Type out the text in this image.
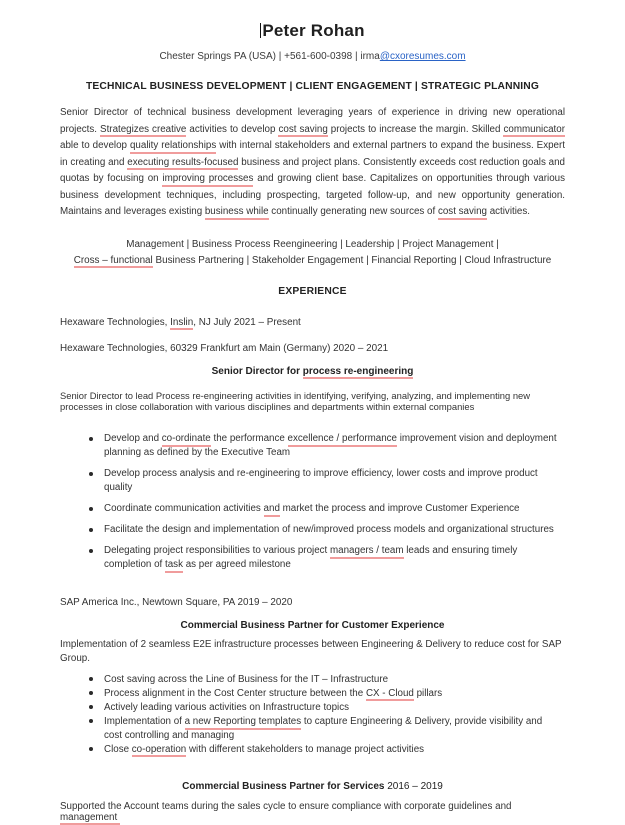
Peter Rohan

Chester Springs PA (USA) | +561-600-0398 | irma@cxoresumes.com

TECHNICAL BUSINESS DEVELOPMENT | CLIENT ENGAGEMENT | STRATEGIC PLANNING

Senior Director of technical business development leveraging years of experience in driving new operational projects. Strategizes creative activities to develop cost saving projects to increase the margin. Skilled communicator able to develop quality relationships with internal stakeholders and external partners to expand the business. Expert in creating and executing results-focused business and project plans. Consistently exceeds cost reduction goals and quotas by focusing on improving processes and growing client base. Capitalizes on opportunities through various business development techniques, including prospecting, targeted follow-up, and new opportunity generation. Maintains and leverages existing business while continually generating new sources of cost saving activities.

Management | Business Process Reengineering | Leadership | Project Management |
Cross – functional Business Partnering | Stakeholder Engagement | Financial Reporting | Cloud Infrastructure

EXPERIENCE

Hexaware Technologies, Inslin, NJ July 2021 – Present

Hexaware Technologies, 60329 Frankfurt am Main (Germany) 2020 – 2021

Senior Director for process re-engineering

Senior Director to lead Process re-engineering activities in identifying, verifying, analyzing, and implementing new processes in close collaboration with various disciplines and departments within external companies

Develop and co-ordinate the performance excellence / performance improvement vision and deployment planning as defined by the Executive Team
Develop process analysis and re-engineering to improve efficiency, lower costs and improve product quality
Coordinate communication activities and market the process and improve Customer Experience
Facilitate the design and implementation of new/improved process models and organizational structures
Delegating project responsibilities to various project managers / team leads and ensuring timely completion of task as per agreed milestone

SAP America Inc., Newtown Square, PA 2019 – 2020

Commercial Business Partner for Customer Experience

Implementation of 2 seamless E2E infrastructure processes between Engineering & Delivery to reduce cost for SAP Group.

Cost saving across the Line of Business for the IT – Infrastructure
Process alignment in the Cost Center structure between the CX - Cloud pillars
Actively leading various activities on Infrastructure topics
Implementation of a new Reporting templates to capture Engineering & Delivery, provide visibility and cost controlling and managing
Close co-operation with different stakeholders to manage project activities

Commercial Business Partner for Services 2016 – 2019

Supported the Account teams during the sales cycle to ensure compliance with corporate guidelines and management
